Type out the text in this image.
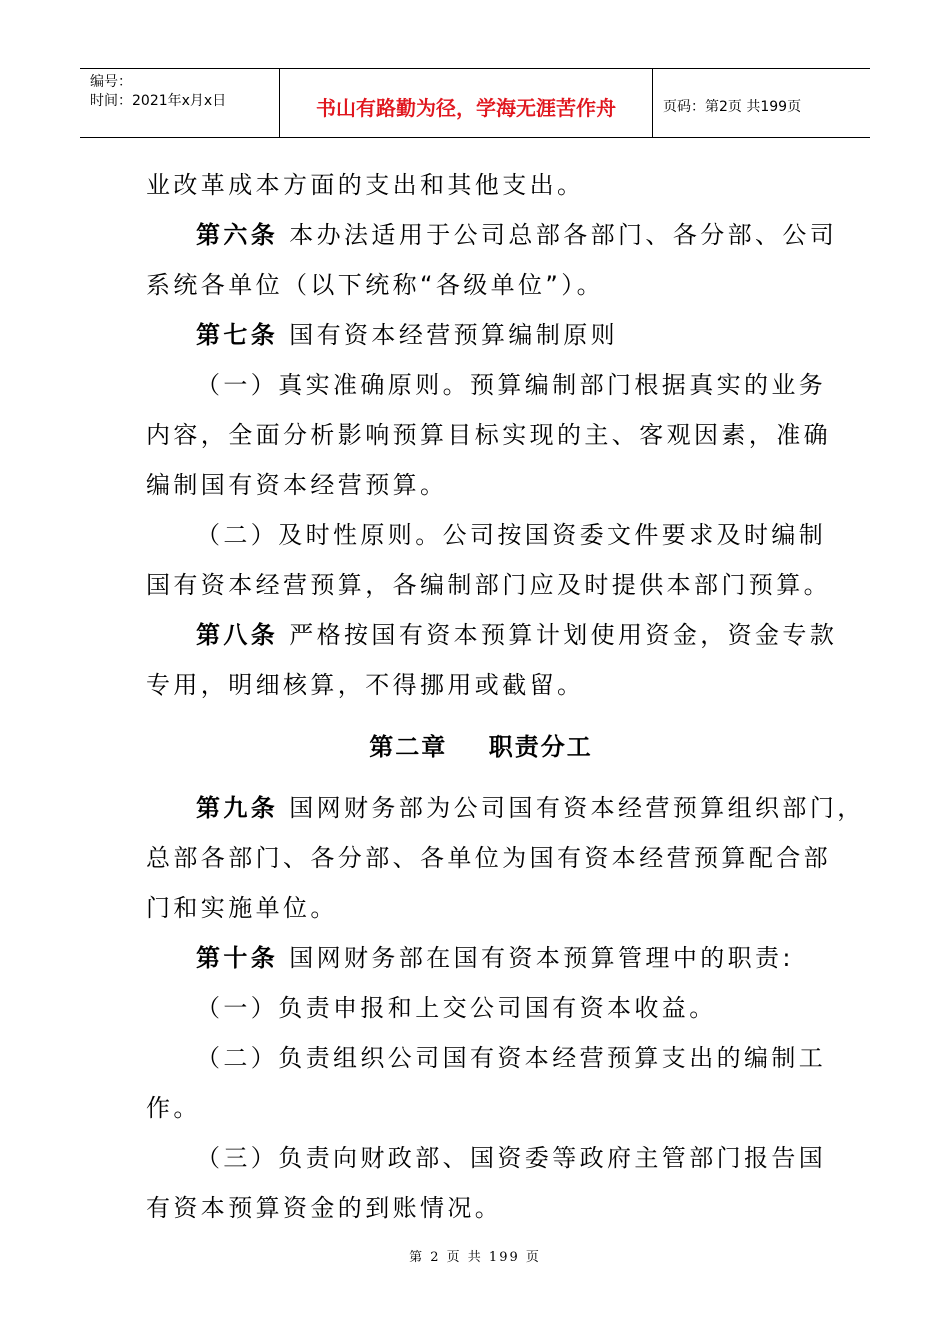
编号：
时间：2021年x月x日	书山有路勤为径，学海无涯苦作舟	页码：第2页 共199页
业改革成本方面的支出和其他支出。
第六条 本办法适用于公司总部各部门、各分部、公司
系统各单位（以下统称“各级单位”）。
第七条 国有资本经营预算编制原则
（一）真实准确原则。预算编制部门根据真实的业务
内容，全面分析影响预算目标实现的主、客观因素，准确
编制国有资本经营预算。
（二）及时性原则。公司按国资委文件要求及时编制
国有资本经营预算，各编制部门应及时提供本部门预算。
第八条 严格按国有资本预算计划使用资金，资金专款
专用，明细核算，不得挪用或截留。
第二章    职责分工
第九条 国网财务部为公司国有资本经营预算组织部门，
总部各部门、各分部、各单位为国有资本经营预算配合部
门和实施单位。
第十条 国网财务部在国有资本预算管理中的职责:
（一）负责申报和上交公司国有资本收益。
（二）负责组织公司国有资本经营预算支出的编制工
作。
（三）负责向财政部、国资委等政府主管部门报告国
有资本预算资金的到账情况。
第 2 页 共 199 页
